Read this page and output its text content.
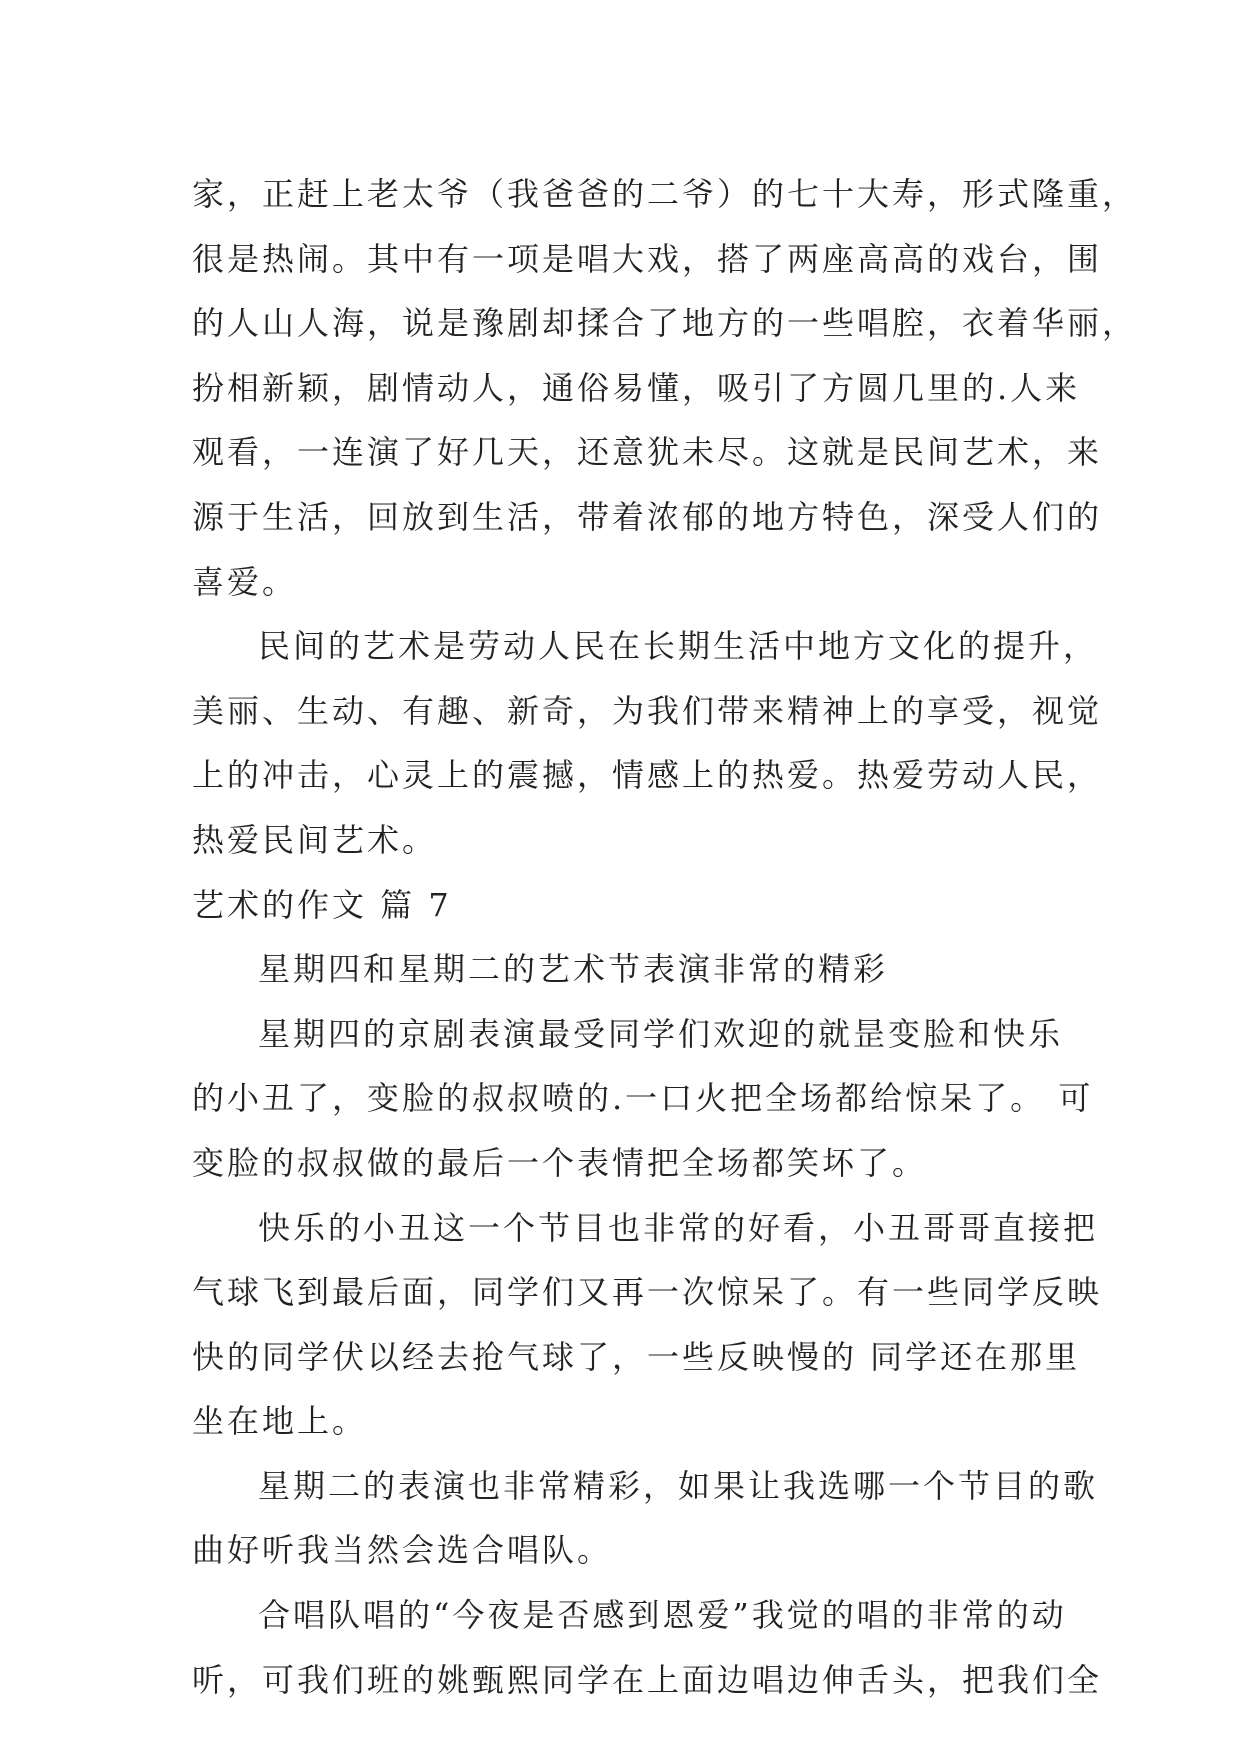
家，正赶上老太爷（我爸爸的二爷）的七十大寿，形式隆重，
很是热闹。其中有一项是唱大戏，搭了两座高高的戏台，围
的人山人海，说是豫剧却揉合了地方的一些唱腔，衣着华丽，
扮相新颖，剧情动人，通俗易懂，吸引了方圆几里的.人来
观看，一连演了好几天，还意犹未尽。这就是民间艺术，来
源于生活，回放到生活，带着浓郁的地方特色，深受人们的
喜爱。
民间的艺术是劳动人民在长期生活中地方文化的提升，
美丽、生动、有趣、新奇，为我们带来精神上的享受，视觉
上的冲击，心灵上的震撼，情感上的热爱。热爱劳动人民，
热爱民间艺术。
艺术的作文 篇 7
星期四和星期二的艺术节表演非常的精彩
星期四的京剧表演最受同学们欢迎的就昰变脸和快乐
的小丑了，变脸的叔叔喷的.一口火把全场都给惊呆了。 可
变脸的叔叔做的最后一个表情把全场都笑坏了。
快乐的小丑这一个节目也非常的好看，小丑哥哥直接把
气球飞到最后面，同学们又再一次惊呆了。有一些同学反映
快的同学伏以经去抢气球了，一些反映慢的 同学还在那里
坐在地上。
星期二的表演也非常精彩，如果让我选哪一个节目的歌
曲好听我当然会选合唱队。
合唱队唱的“今夜是否感到恩爱”我觉的唱的非常的动
听，可我们班的姚甄熙同学在上面边唱边伸舌头，把我们全
